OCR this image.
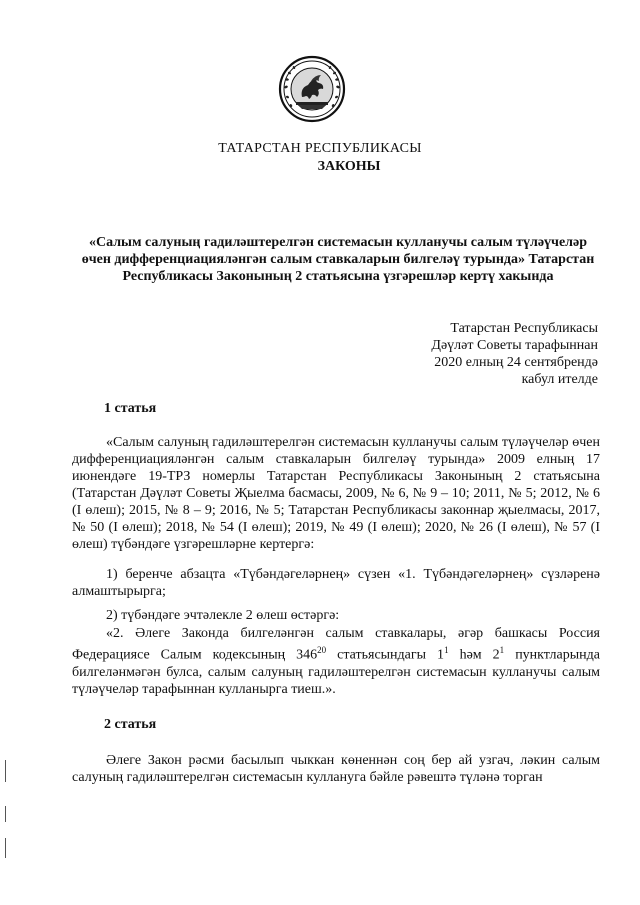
ТАТАРСТАН РЕСПУБЛИКАСЫ
ЗАКОНЫ
«Салым салуның гадиләштерелгән системасын кулланучы салым түләүчеләр өчен дифференциацияләнгән салым ставкаларын билгеләү турында» Татарстан Республикасы Законының 2 статьясына үзгәрешләр кертү хакында
Татарстан Республикасы
Дәүләт Советы тарафыннан
2020 елның 24 сентябрендә
кабул ителде
1 статья
«Салым салуның гадиләштерелгән системасын кулланучы салым түләүчеләр өчен дифференциацияләнгән салым ставкаларын билгеләү турында» 2009 елның 17 июнендәге 19-ТРЗ номерлы Татарстан Республикасы Законының 2 статьясына (Татарстан Дәүләт Советы Җыелма басмасы, 2009, № 6, № 9 – 10; 2011, № 5; 2012, № 6 (I өлеш); 2015, № 8 – 9; 2016, № 5; Татарстан Республикасы законнар җыелмасы, 2017, № 50 (I өлеш); 2018, № 54 (I өлеш); 2019, № 49 (I өлеш); 2020, № 26 (I өлеш), № 57 (I өлеш) түбәндәге үзгәрешләрне кертергә:
1) беренче абзацта «Түбәндәгеләрнең» сүзен «1. Түбәндәгеләрнең» сүзләренә алмаштырырга;
2) түбәндәге эчтәлекле 2 өлеш өстәргә:
«2. Әлеге Законда билгеләнгән салым ставкалары, әгәр башкасы Россия Федерациясе Салым кодексының $346^{20}$ статьясындагы $1^1$ һәм $2^1$ пунктларында билгеләнмәгән булса, салым салуның гадиләштерелгән системасын кулланучы салым түләүчеләр тарафыннан кулланырга тиеш.».
2 статья
Әлеге Закон рәсми басылып чыккан көненнән соң бер ай узгач, ләкин салым салуның гадиләштерелгән системасын куллануга бәйле рәвештә түләнә торган
